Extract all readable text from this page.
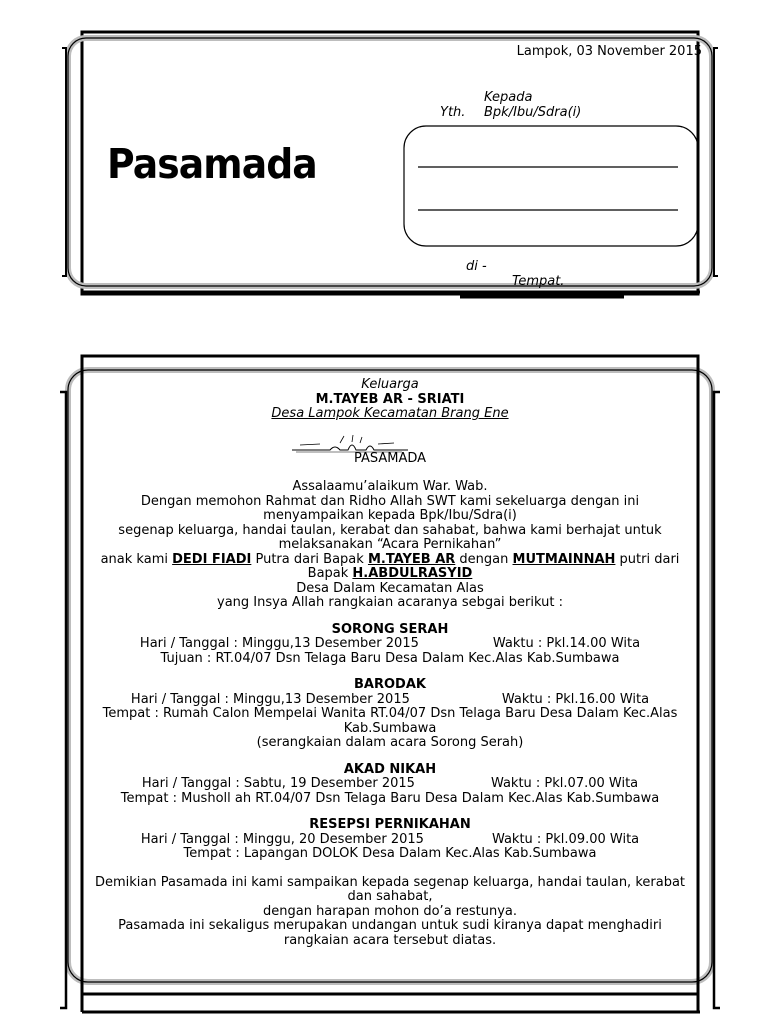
Lampok, 03 November 2015
Kepada
Yth. Bpk/Ibu/Sdra(i)
Pasamada
di -
Tempat.

Keluarga

M.TAYEB AR - SRIATI

Desa Lampok Kecamatan Brang Ene

PASAMADA

Assalaamu’alaikum War. Wab.

Dengan memohon Rahmat dan Ridho Allah SWT kami sekeluarga dengan ini

menyampaikan kepada Bpk/Ibu/Sdra(i)

segenap keluarga, handai taulan, kerabat dan sahabat, bahwa kami berhajat untuk

melaksanakan “Acara Pernikahan”

anak kami DEDI FIADI Putra dari Bapak M.TAYEB AR dengan MUTMAINNAH putri dari

Bapak H.ABDULRASYID

Desa Dalam Kecamatan Alas

yang Insya Allah rangkaian acaranya sebgai berikut :

SORONG SERAH

Hari / Tanggal : Minggu,13 Desember 2015	Waktu : Pkl.14.00 Wita

Tujuan : RT.04/07 Dsn Telaga Baru Desa Dalam Kec.Alas Kab.Sumbawa

BARODAK

Hari / Tanggal : Minggu,13 Desember 2015	Waktu : Pkl.16.00 Wita

Tempat : Rumah Calon Mempelai Wanita RT.04/07 Dsn Telaga Baru Desa Dalam Kec.Alas

Kab.Sumbawa

(serangkaian dalam acara Sorong Serah)

AKAD NIKAH

Hari / Tanggal : Sabtu, 19 Desember 2015	Waktu : Pkl.07.00 Wita

Tempat : Musholl ah RT.04/07 Dsn Telaga Baru Desa Dalam Kec.Alas Kab.Sumbawa

RESEPSI PERNIKAHAN

Hari / Tanggal : Minggu, 20 Desember 2015	Waktu : Pkl.09.00 Wita

Tempat : Lapangan DOLOK Desa Dalam Kec.Alas Kab.Sumbawa

Demikian Pasamada ini kami sampaikan kepada segenap keluarga, handai taulan, kerabat

dan sahabat,

dengan harapan mohon do’a restunya.

Pasamada ini sekaligus merupakan undangan untuk sudi kiranya dapat menghadiri

rangkaian acara tersebut diatas.
